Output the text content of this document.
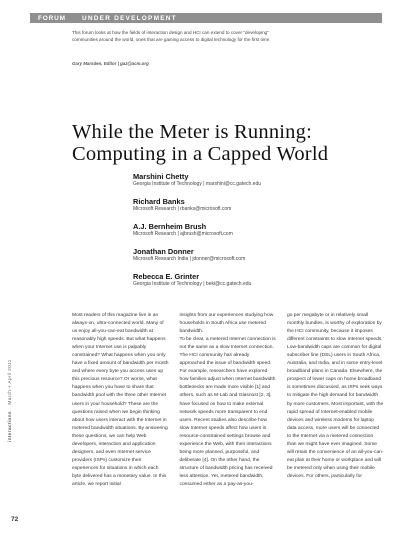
FORUM	UNDER DEVELOPMENT

This forum looks at how the fields of interaction design and HCI can extend to cover "developing" communities around the world, ones that are gaining access to digital technology for the first time.

Gary Marsden, Editor | gaz@acm.org

While the Meter is Running:
Computing in a Capped World
Marshini Chetty
Georgia Institute of Technology | marshini@cc.gatech.edu
Richard Banks
Microsoft Research | rbanks@microsoft.com
A.J. Bernheim Brush
Microsoft Research | ajbrush@microsoft.com
Jonathan Donner
Microsoft Research India | jdonner@microsoft.com
Rebecca E. Grinter
Georgia Institute of Technology | beki@cc.gatech.edu

Most readers of this magazine live in an always-on, ultra-connected world. Many of us enjoy all-you-can-eat bandwidth at reasonably high speeds. But what happens when your Internet use is palpably constrained? What happens when you only have a fixed amount of bandwidth per month and where every byte you access uses up this precious resource? Or worse, what happens when you have to share that bandwidth pool with the three other Internet users in your household? These are the questions raised when we begin thinking about how users interact with the Internet in metered bandwidth situations. By answering these questions, we can help Web developers, interaction and application designers, and even Internet service providers (ISPs) customize their experiences for situations in which each byte delivered has a monetary value. In this article, we report initial

insights from our experiences studying how households in South Africa use metered bandwidth.
To be clear, a metered Internet connection is not the same as a slow Internet connection. The HCI community has already approached the issue of bandwidth speed. For example, researchers have explored how families adjust when Internet bandwidth bottlenecks are made more visible [1] and others, such as M-Lab and Glasnost [2, 3], have focused on how to make external network speeds more transparent to end users. Recent studies also describe how slow Internet speeds affect how users in resource-constrained settings browse and experience the Web, with their interactions being more planned, purposeful, and deliberate [4]. On the other hand, the structure of bandwidth pricing has received less attention. Yet, metered bandwidth, consumed either as a pay-as-you-

go per megabyte or in relatively small monthly bundles, is worthy of exploration by the HCI community, because it imposes different constraints to slow Internet speeds.
Low-bandwidth caps are common for digital subscriber line (DSL) users in South Africa, Australia, and India, and in some entry-level broadband plans in Canada. Elsewhere, the prospect of lower caps on home broadband is sometimes discussed, as ISPs seek ways to mitigate the high demand for bandwidth by more customers. Most important, with the rapid spread of Internet-enabled mobile devices and wireless modems for laptop data access, more users will be connected to the Internet via a metered connection than we might have ever imagined. Some will retain the convenience of an all-you-can-eat plan at their home or workplace and will be metered only when using their mobile devices. For others, particularly for

interactions March + April 2011
72
